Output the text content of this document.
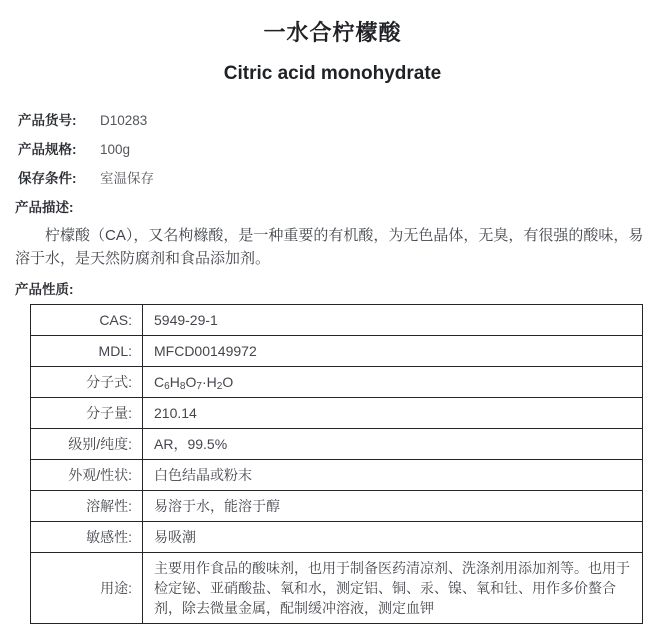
一水合柠檬酸
Citric acid monohydrate
产品货号:	D10283
产品规格:	100g
保存条件:	室温保存
产品描述:

柠檬酸（CA），又名枸橼酸，是一种重要的有机酸，为无色晶体，无臭，有很强的酸味，易溶于水，是天然防腐剂和食品添加剂。

产品性质:
CAS:	5949-29-1
MDL:	MFCD00149972
分子式:	$C_6H_8O_7\cdot H_2O$
分子量:	210.14
级别/纯度:	AR，99.5%
外观/性状:	白色结晶或粉末
溶解性:	易溶于水，能溶于醇
敏感性:	易吸潮
用途:	主要用作食品的酸味剂，也用于制备医药清凉剂、洗涤剂用添加剂等。也用于检定铋、亚硝酸盐、氧和水，测定铝、铜、汞、镍、氧和钍、用作多价螯合剂，除去微量金属，配制缓冲溶液，测定血钾
